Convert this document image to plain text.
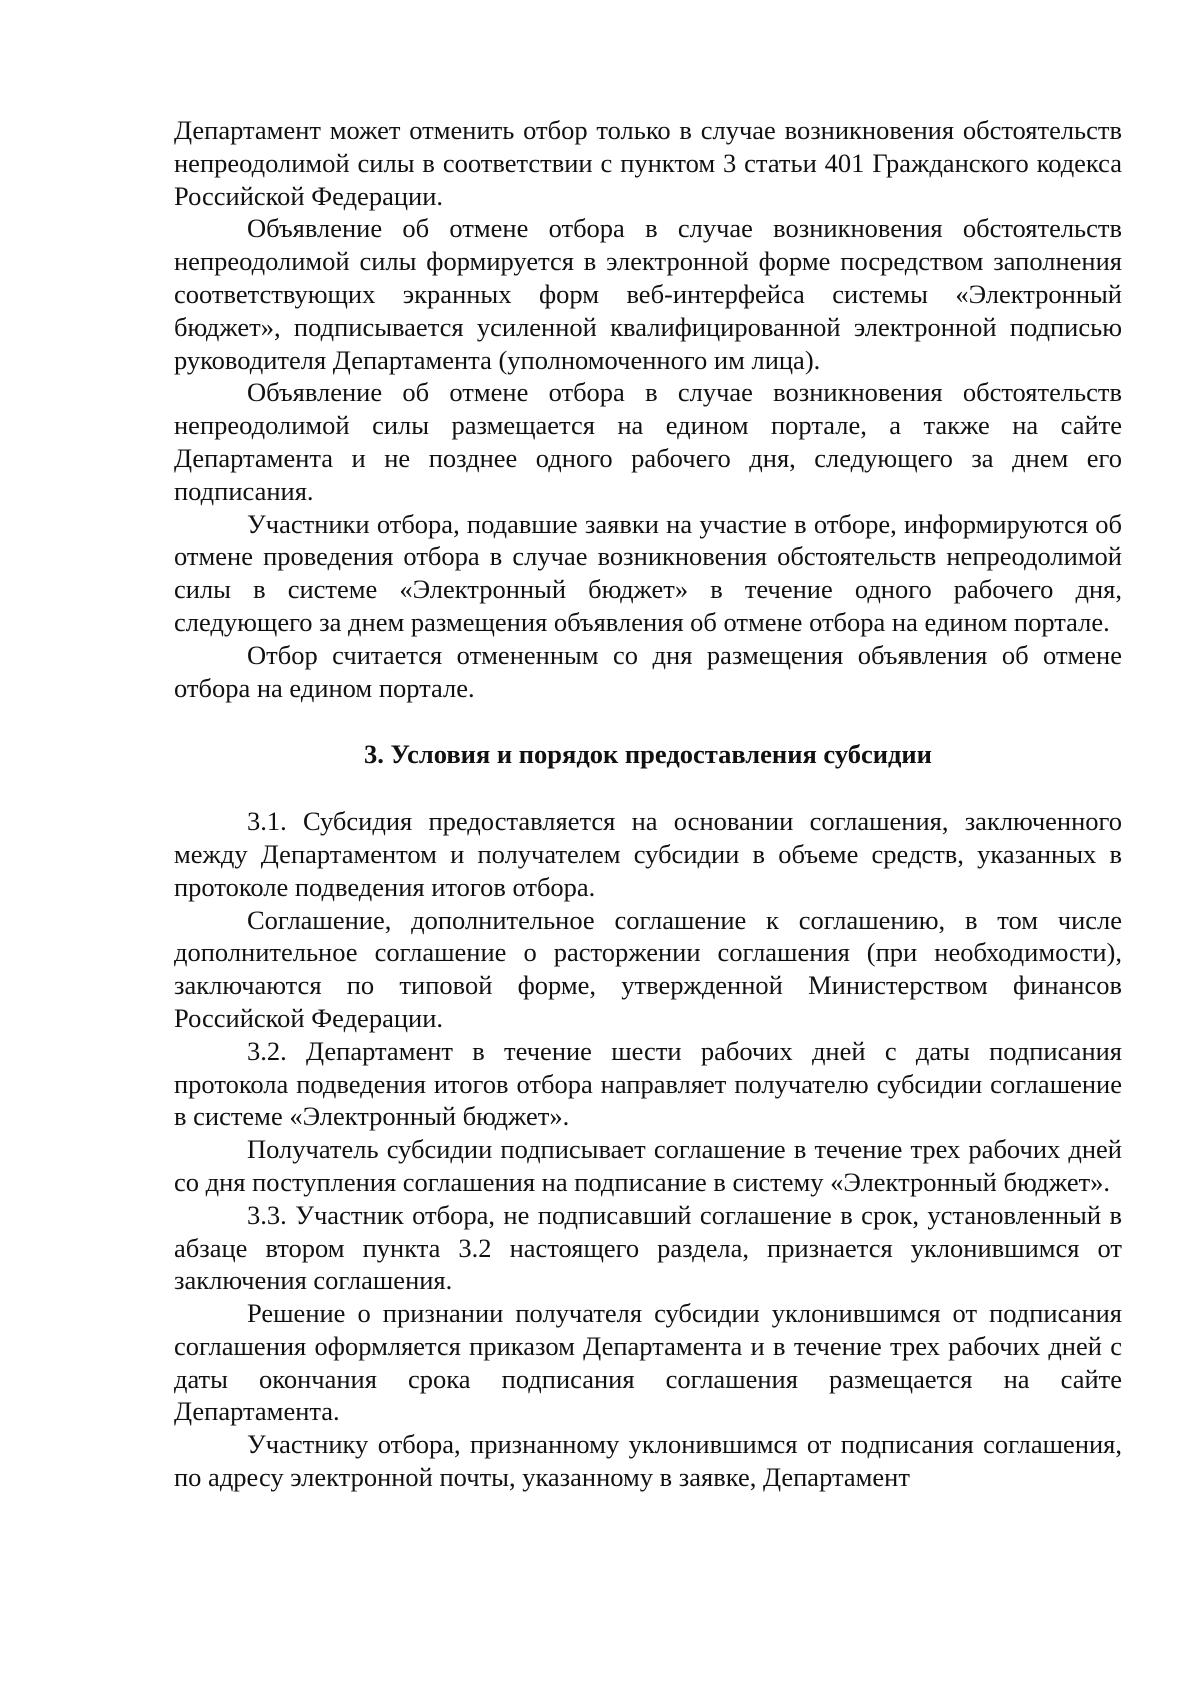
Департамент может отменить отбор только в случае возникновения обстоятельств непреодолимой силы в соответствии с пунктом 3 статьи 401 Гражданского кодекса Российской Федерации.

Объявление об отмене отбора в случае возникновения обстоятельств непреодолимой силы формируется в электронной форме посредством заполнения соответствующих экранных форм веб-интерфейса системы «Электронный бюджет», подписывается усиленной квалифицированной электронной подписью руководителя Департамента (уполномоченного им лица).

Объявление об отмене отбора в случае возникновения обстоятельств непреодолимой силы размещается на едином портале, а также на сайте Департамента и не позднее одного рабочего дня, следующего за днем его подписания.

Участники отбора, подавшие заявки на участие в отборе, информируются об отмене проведения отбора в случае возникновения обстоятельств непреодолимой силы в системе «Электронный бюджет» в течение одного рабочего дня, следующего за днем размещения объявления об отмене отбора на едином портале.

Отбор считается отмененным со дня размещения объявления об отмене отбора на едином портале.

3. Условия и порядок предоставления субсидии

3.1. Субсидия предоставляется на основании соглашения, заключенного между Департаментом и получателем субсидии в объеме средств, указанных в протоколе подведения итогов отбора.

Соглашение, дополнительное соглашение к соглашению, в том числе дополнительное соглашение о расторжении соглашения (при необходимости), заключаются по типовой форме, утвержденной Министерством финансов Российской Федерации.

3.2. Департамент в течение шести рабочих дней с даты подписания протокола подведения итогов отбора направляет получателю субсидии соглашение в системе «Электронный бюджет».

Получатель субсидии подписывает соглашение в течение трех рабочих дней со дня поступления соглашения на подписание в систему «Электронный бюджет».

3.3. Участник отбора, не подписавший соглашение в срок, установленный в абзаце втором пункта 3.2 настоящего раздела, признается уклонившимся от заключения соглашения.

Решение о признании получателя субсидии уклонившимся от подписания соглашения оформляется приказом Департамента и в течение трех рабочих дней с даты окончания срока подписания соглашения размещается на сайте Департамента.

Участнику отбора, признанному уклонившимся от подписания соглашения, по адресу электронной почты, указанному в заявке, Департамент
